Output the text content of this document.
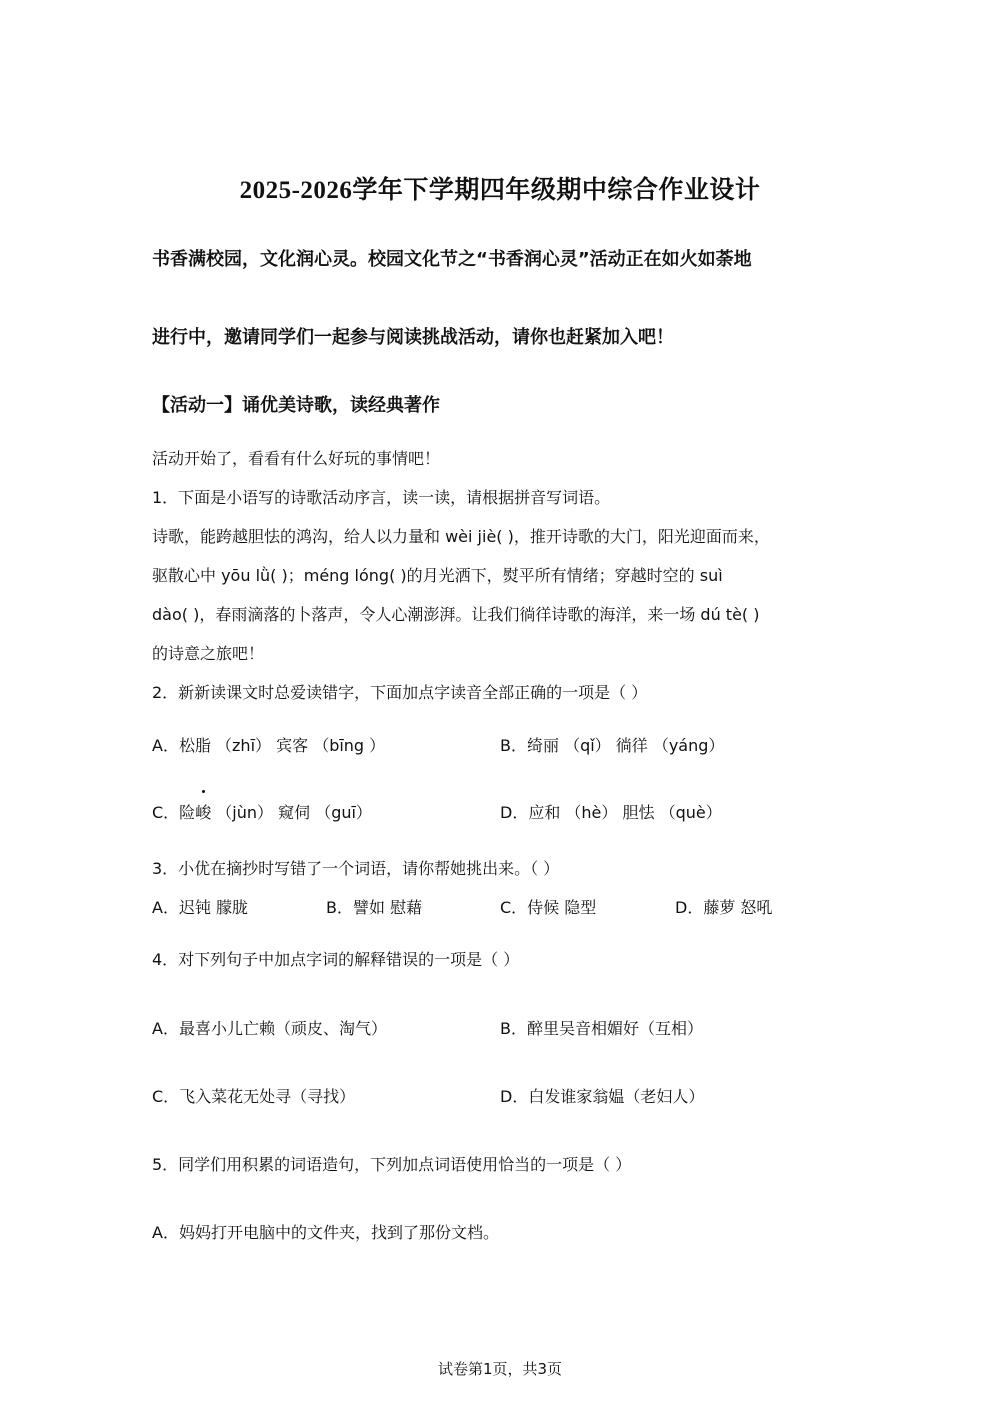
2025-2026学年下学期四年级期中综合作业设计
书香满校园，文化润心灵。校园文化节之“书香润心灵”活动正在如火如荼地
进行中，邀请同学们一起参与阅读挑战活动，请你也赶紧加入吧！
【活动一】诵优美诗歌，读经典著作
活动开始了，看看有什么好玩的事情吧！
1．下面是小语写的诗歌活动序言，读一读，请根据拼音写词语。
诗歌，能跨越胆怯的鸿沟，给人以力量和 wèi jiè( )，推开诗歌的大门，阳光迎面而来，
驱散心中 yōu lǜ( )；méng lóng( )的月光洒下，熨平所有情绪；穿越时空的 suì
dào( )，春雨滴落的卜落声，令人心潮澎湃。让我们徜徉诗歌的海洋，来一场 dú tè( )
的诗意之旅吧！
2．新新读课文时总爱读错字，下面加点字读音全部正确的一项是（ ）
A．松脂 （zhī） 宾客 （bīng ）	B．绮丽 （qǐ） 徜徉 （yáng）
C．险
峻 （jùn） 窥伺 （guī）	D．应和 （hè） 胆怯 （què）
3．小优在摘抄时写错了一个词语，请你帮她挑出来。（ ）
A．迟钝 朦胧	B．譬如 慰藉	C．侍候 隐型	D．藤萝 怒吼
4．对下列句子中加点字词的解释错误的一项是（ ）
A．最喜小儿亡赖（顽皮、淘气）	B．醉里吴音相媚好（互相）
C．飞入菜花无处寻（寻找）	D．白发谁家翁媪（老妇人）
5．同学们用积累的词语造句，下列加点词语使用恰当的一项是（ ）
A．妈妈打开电脑中的文件夹，找到了那份文档。
试卷第1页，共3页
